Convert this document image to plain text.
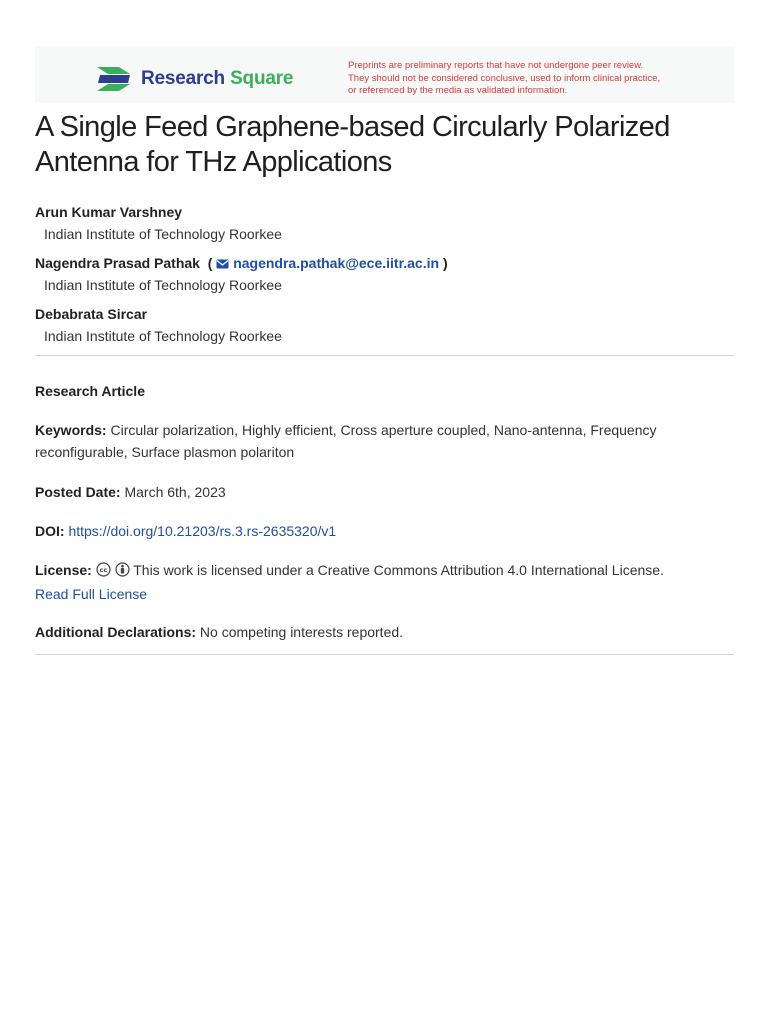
Research Square
Preprints are preliminary reports that have not undergone peer review.
They should not be considered conclusive, used to inform clinical practice,
or referenced by the media as validated information.
A Single Feed Graphene-based Circularly Polarized Antenna for THz Applications
Arun Kumar Varshney
Indian Institute of Technology Roorkee
Nagendra Prasad Pathak  ( nagendra.pathak@ece.iitr.ac.in )
Indian Institute of Technology Roorkee
Debabrata Sircar
Indian Institute of Technology Roorkee
Research Article
Keywords: Circular polarization, Highly efficient, Cross aperture coupled, Nano-antenna, Frequency reconfigurable, Surface plasmon polariton
Posted Date: March 6th, 2023
DOI: https://doi.org/10.21203/rs.3.rs-2635320/v1
License: cc This work is licensed under a Creative Commons Attribution 4.0 International License.
Read Full License
Additional Declarations: No competing interests reported.
